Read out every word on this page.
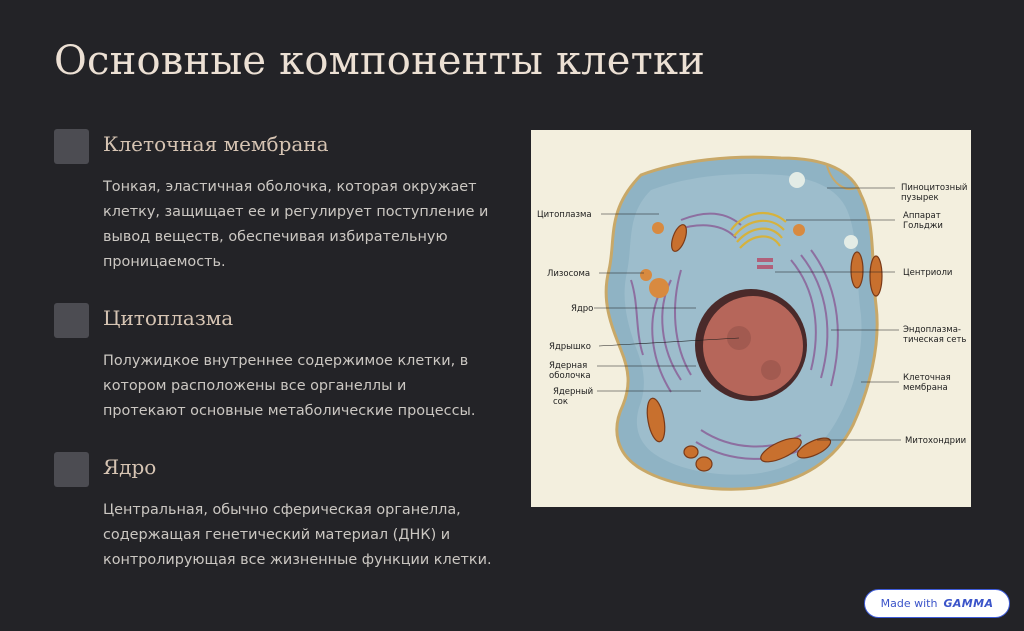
Основные компоненты клетки
Клеточная мембрана

Тонкая, эластичная оболочка, которая окружает клетку, защищает ее и регулирует поступление и вывод веществ, обеспечивая избирательную проницаемость.

Цитоплазма

Полужидкое внутреннее содержимое клетки, в котором расположены все органеллы и протекают основные метаболические процессы.

Ядро

Центральная, обычно сферическая органелла, содержащая генетический материал (ДНК) и контролирующая все жизненные функции клетки.

Цитоплазма
Лизосома
Ядро
Ядрышко
Ядерная
оболочка
Ядерный
сок
Пиноцитозный
пузырек
Аппарат
Гольджи
Центриоли
Эндоплазма-
тическая сеть
Клеточная
мембрана
Митохондрии
Made with GAMMA
